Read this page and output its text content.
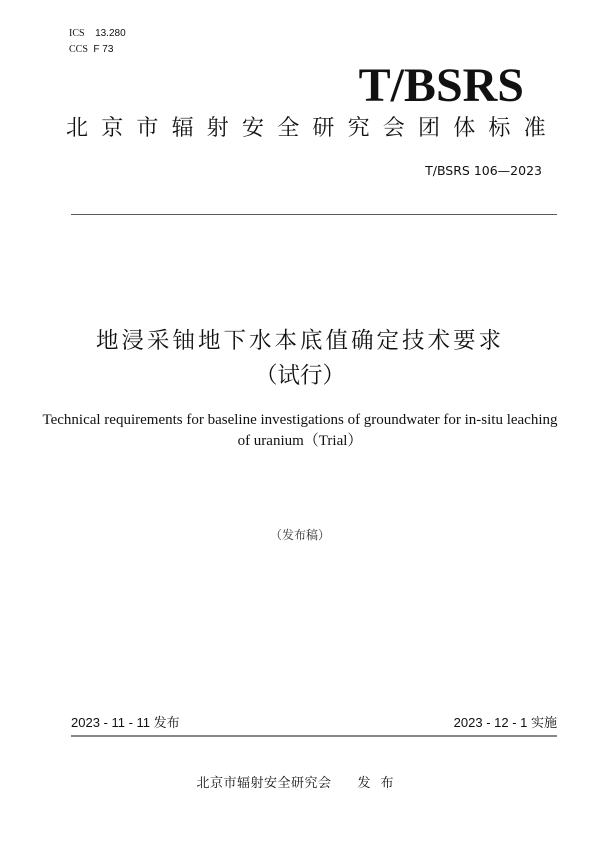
ICS 13.280
CCS F 73
T/BSRS
北京市辐射安全研究会团体标准
T/BSRS 106—2023
地浸采铀地下水本底值确定技术要求
（试行）
Technical requirements for baseline investigations of groundwater for in-situ leaching
of uranium（Trial）
（发布稿）
2023 - 11 - 11 发布	2023 - 12 - 1 实施
北京市辐射安全研究会 发布
